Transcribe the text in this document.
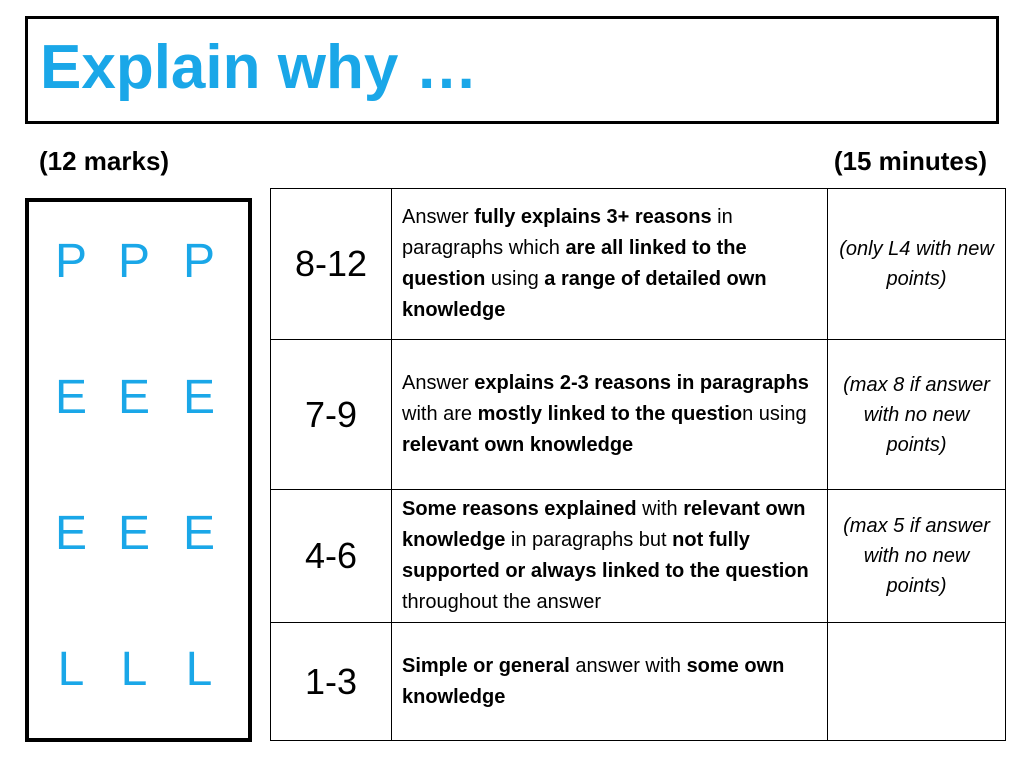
Explain why …
(12 marks)	(15 minutes)
P P P
E E E
E E E
L L L
8-12	Answer fully explains 3+ reasons in paragraphs which are all linked to the question using a range of detailed own knowledge	(only L4 with new points)
7-9	Answer explains 2-3 reasons in paragraphs with are mostly linked to the question using relevant own knowledge	(max 8 if answer with no new points)
4-6	Some reasons explained with relevant own knowledge in paragraphs but not fully supported or always linked to the question throughout the answer	(max 5 if answer with no new points)
1-3	Simple or general answer with some own knowledge	
